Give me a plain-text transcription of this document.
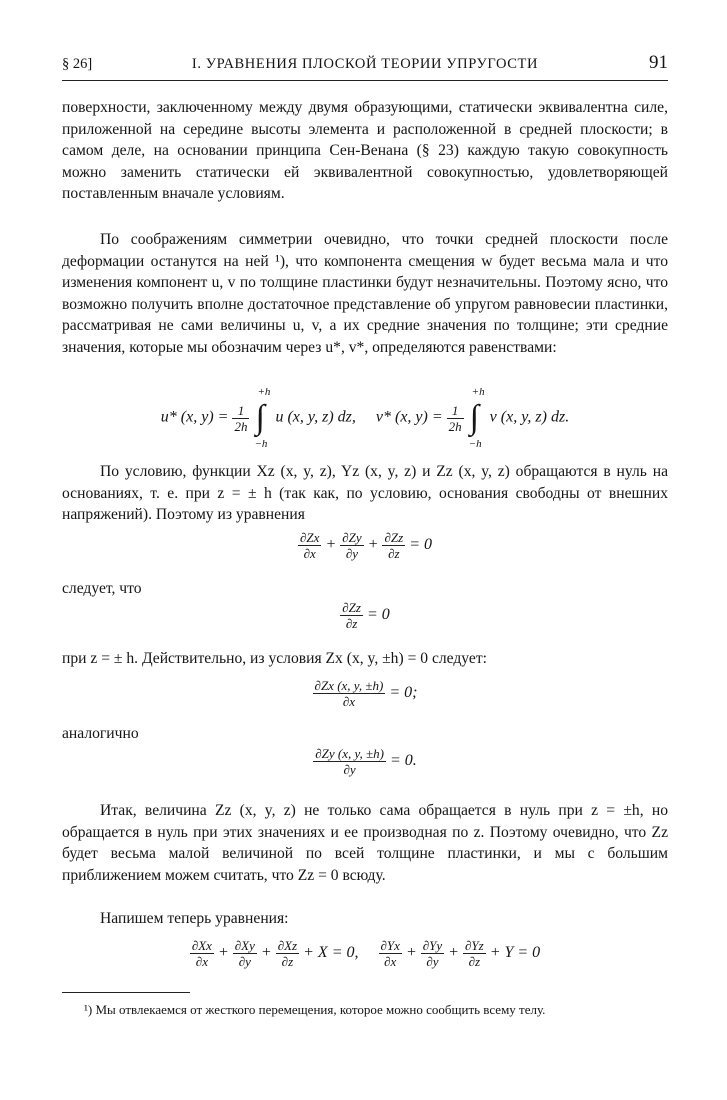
§ 26]	I. УРАВНЕНИЯ ПЛОСКОЙ ТЕОРИИ УПРУГОСТИ	91

поверхности, заключенному между двумя образующими, статически эквивалентна силе, приложенной на середине высоты элемента и расположенной в средней плоскости; в самом деле, на основании принципа Сен-Венана (§ 23) каждую такую совокупность можно заменить статически ей эквивалентной совокупностью, удовлетворяющей поставленным вначале условиям.

По соображениям симметрии очевидно, что точки средней плоскости после деформации останутся на ней ¹), что компонента смещения w будет весьма мала и что изменения компонент u, v по толщине пластинки будут незначительны. Поэтому ясно, что возможно получить вполне достаточное представление об упругом равновесии пластинки, рассматривая не сами величины u, v, а их средние значения по толщине; эти средние значения, которые мы обозначим через u*, v*, определяются равенствами:

u* (x, $y) = \frac{1}{2h}$

+h
∫
−h
u (x, y, z) dz, v* (x, $y) = \frac{1}{2h}$

+h
∫
−h
v (x, y, z) dz.

По условию, функции Xz (x, y, z), Yz (x, y, z) и Zz (x, y, z) обращаются в нуль на основаниях, т. е. при z = ± h (так как, по условию, основания свободны от внешних напряжений). Поэтому из уравнения

$\frac{\partial Zx}{\partial x} + \frac{\partial Zy}{\partial y} + \frac{\partial Zz}{\partial z} = 0$

следует, что

$\frac{\partial Zz}{\partial z} = 0$

при z = ± h. Действительно, из условия Zx (x, y, ±h) = 0 следует:

$\frac{\partial Zx (x, y, \pm h)}{\partial x} = 0$;

аналогично

$\frac{\partial Zy (x, y, \pm h)}{\partial y} = 0$.

Итак, величина Zz (x, y, z) не только сама обращается в нуль при z = ±h, но обращается в нуль при этих значениях и ее производная по z. Поэтому очевидно, что Zz будет весьма малой величиной по всей толщине пластинки, и мы с большим приближением можем считать, что Zz = 0 всюду.

Напишем теперь уравнения:

$\frac{\partial Xx}{\partial x} + \frac{\partial Xy}{\partial y} + \frac{\partial Xz}{\partial z} + X = 0$, $\frac{\partial Yx}{\partial x} + \frac{\partial Yy}{\partial y} + \frac{\partial Yz}{\partial z} + Y = 0$

¹) Мы отвлекаемся от жесткого перемещения, которое можно сообщить всему телу.
